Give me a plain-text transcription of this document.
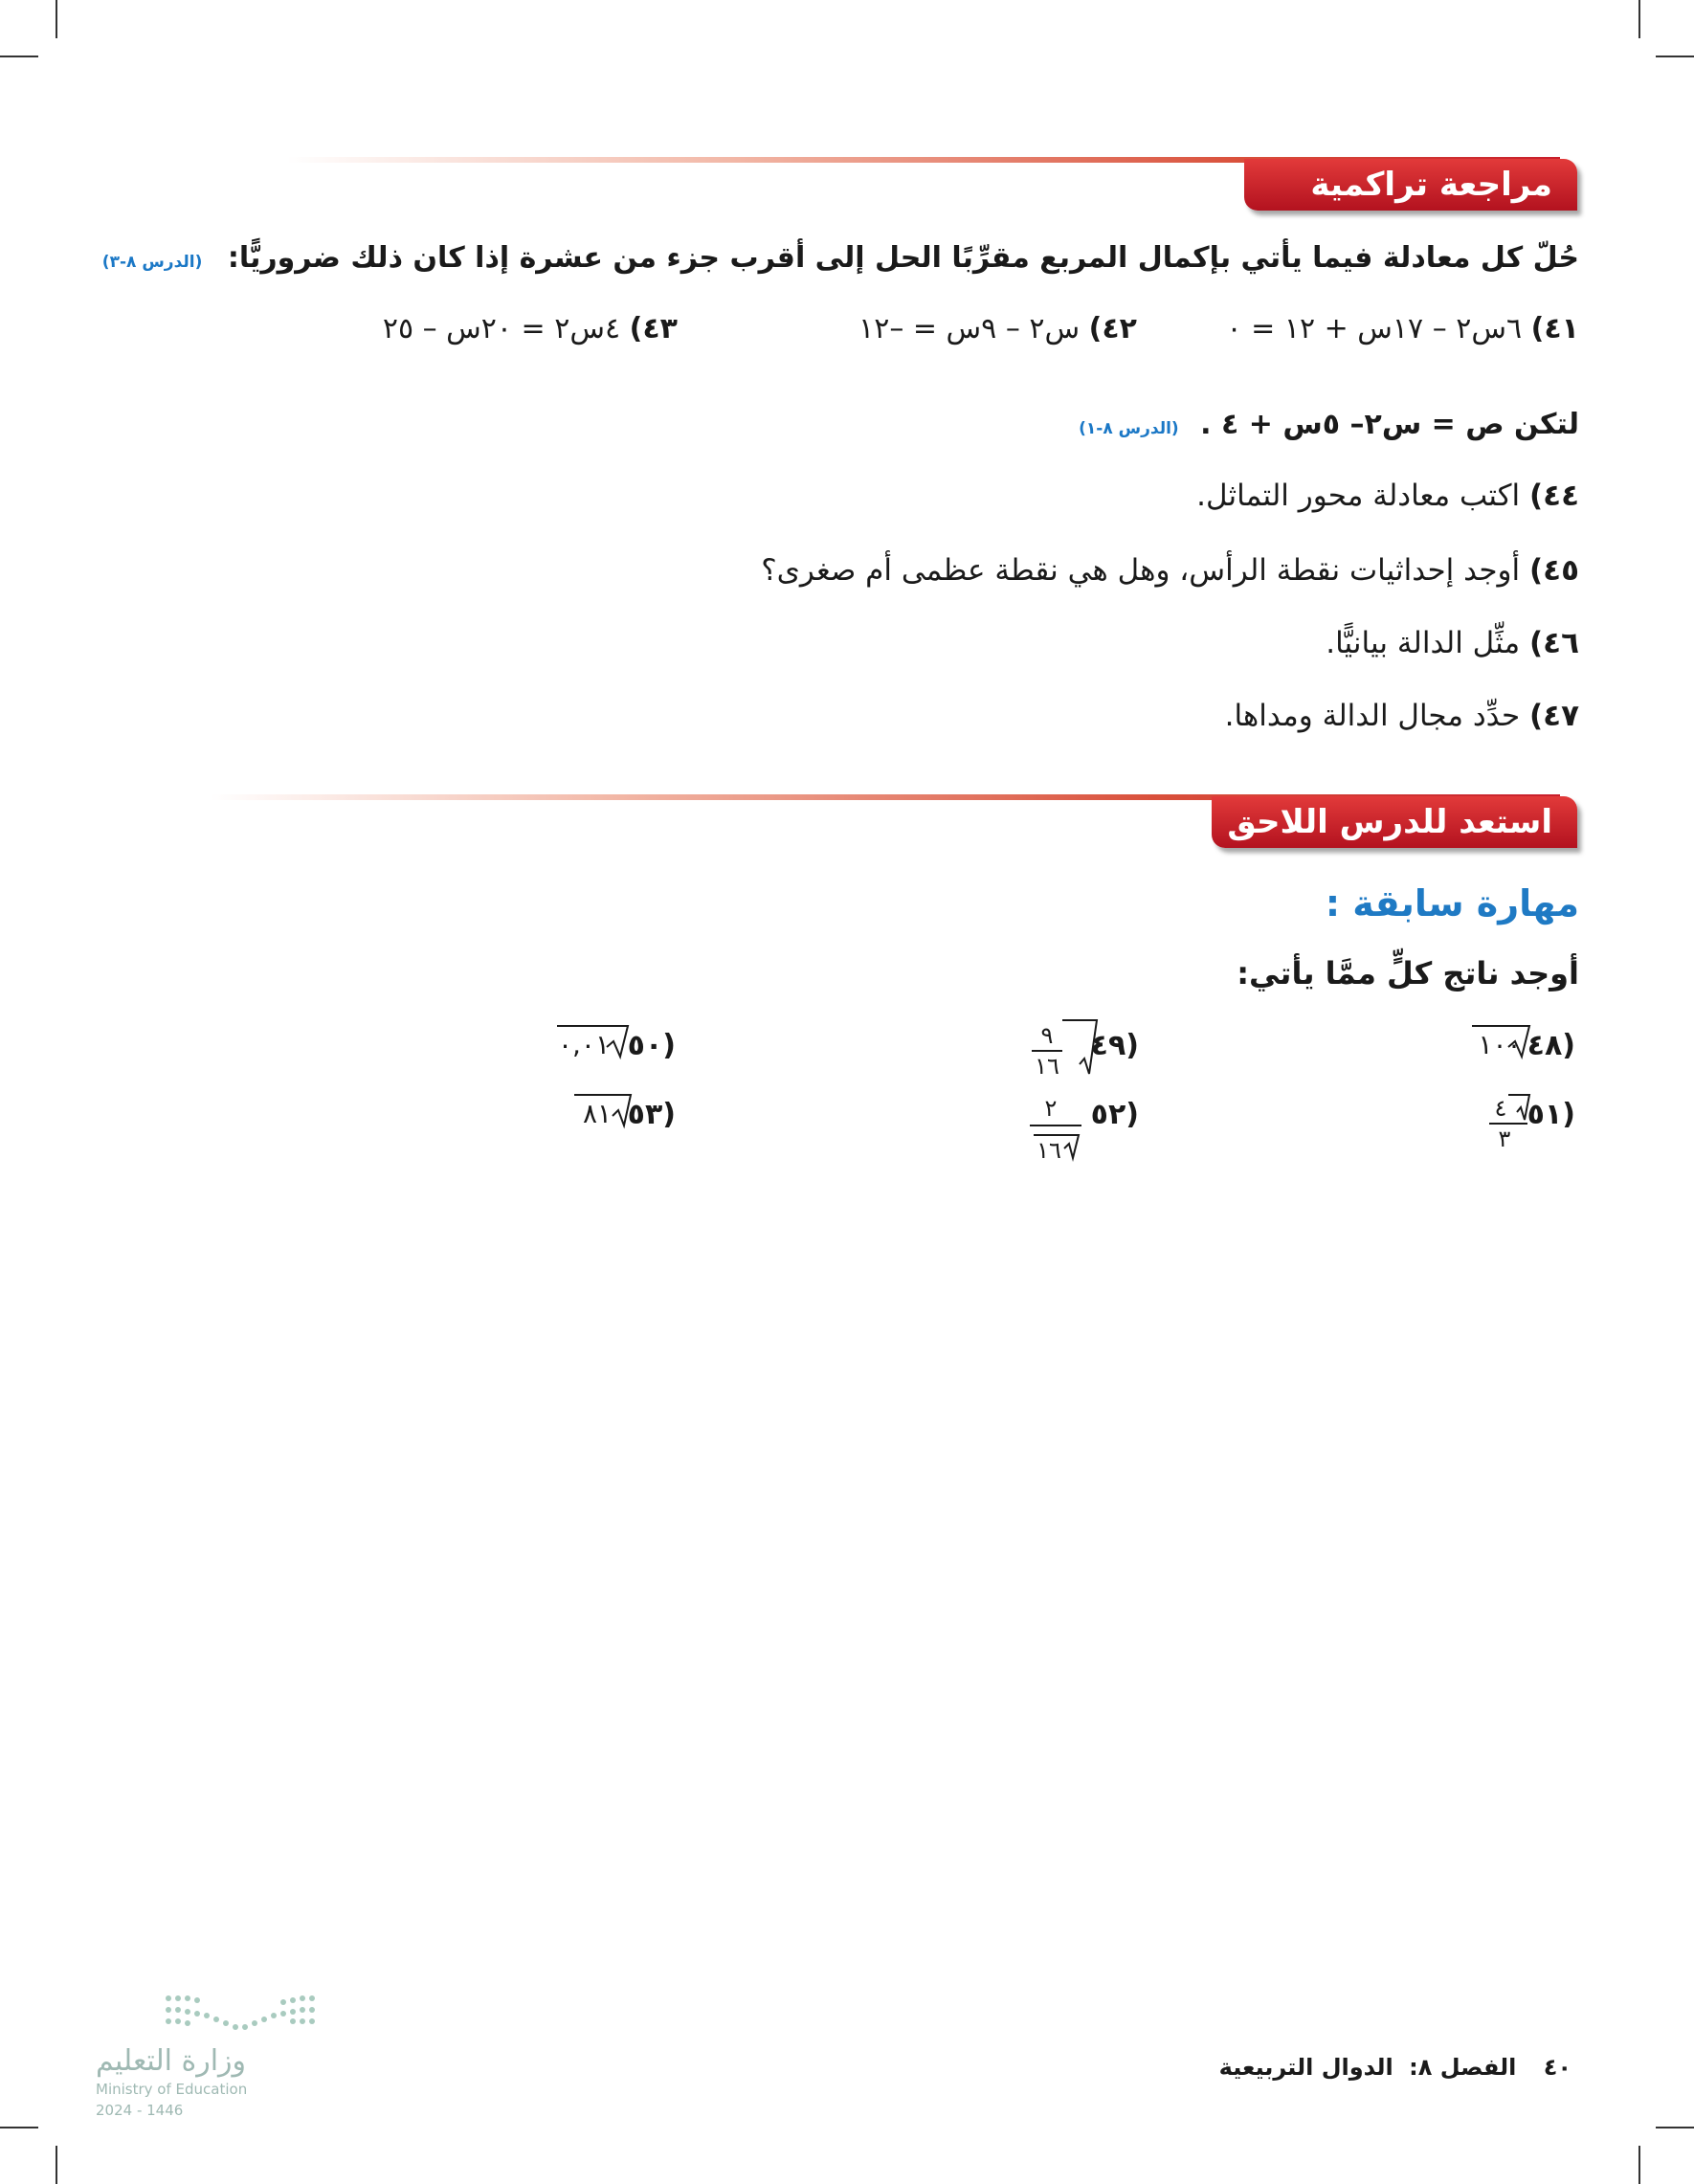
مراجعة تراكمية
حُلّ كل معادلة فيما يأتي بإكمال المربع مقرِّبًا الحل إلى أقرب جزء من عشرة إذا كان ذلك ضروريًّا: (الدرس ٨-٣)
٤١) ٦س٢ – ١٧س + ١٢ = ٠
٤٢) س٢ – ٩س = –١٢
٤٣) ٤س٢ = ٢٠س – ٢٥
لتكن ص = س٢– ٥س + ٤ . (الدرس ٨-١)
٤٤) اكتب معادلة محور التماثل.
٤٥) أوجد إحداثيات نقطة الرأس، وهل هي نقطة عظمى أم صغرى؟
٤٦) مثِّل الدالة بيانيًّا.
٤٧) حدِّد مجال الدالة ومداها.
استعد للدرس اللاحق
مهارة سابقة :
أوجد ناتج كلٍّ ممَّا يأتي:
٤٨)
١٠٠
٤٩)
٩
١٦
٥٠)
٠,٠١
٥١)
٤
٣
٥٢)
٢
١٦
٥٣)
٨١
٤٠ الفصل ٨: الدوال التربيعية
وزارة التعليم
Ministry of Education
2024 - 1446
